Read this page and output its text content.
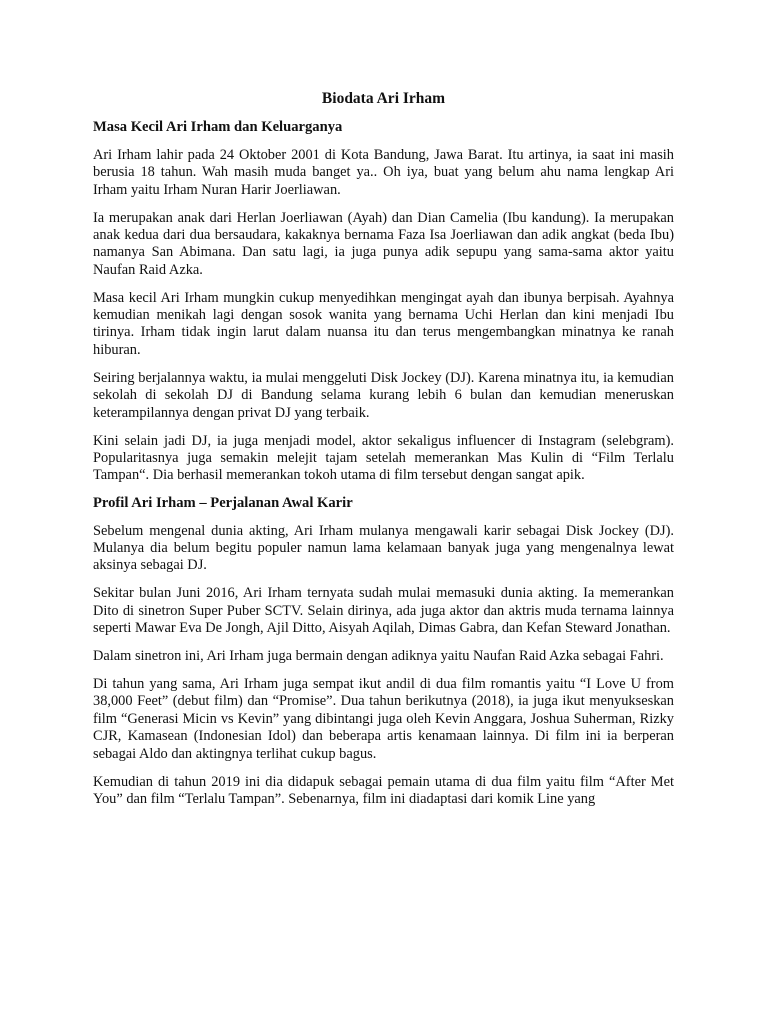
Biodata Ari Irham
Masa Kecil Ari Irham dan Keluarganya

Ari Irham lahir pada 24 Oktober 2001 di Kota Bandung, Jawa Barat. Itu artinya, ia saat ini masih berusia 18 tahun. Wah masih muda banget ya.. Oh iya, buat yang belum ahu nama lengkap Ari Irham yaitu Irham Nuran Harir Joerliawan.

Ia merupakan anak dari Herlan Joerliawan (Ayah) dan Dian Camelia (Ibu kandung). Ia merupakan anak kedua dari dua bersaudara, kakaknya bernama Faza Isa Joerliawan dan adik angkat (beda Ibu) namanya San Abimana. Dan satu lagi, ia juga punya adik sepupu yang sama-sama aktor yaitu Naufan Raid Azka.

Masa kecil Ari Irham mungkin cukup menyedihkan mengingat ayah dan ibunya berpisah. Ayahnya kemudian menikah lagi dengan sosok wanita yang bernama Uchi Herlan dan kini menjadi Ibu tirinya. Irham tidak ingin larut dalam nuansa itu dan terus mengembangkan minatnya ke ranah hiburan.

Seiring berjalannya waktu, ia mulai menggeluti Disk Jockey (DJ). Karena minatnya itu, ia kemudian sekolah di sekolah DJ di Bandung selama kurang lebih 6 bulan dan kemudian meneruskan keterampilannya dengan privat DJ yang terbaik.

Kini selain jadi DJ, ia juga menjadi model, aktor sekaligus influencer di Instagram (selebgram). Popularitasnya juga semakin melejit tajam setelah memerankan Mas Kulin di “Film Terlalu Tampan“. Dia berhasil memerankan tokoh utama di film tersebut dengan sangat apik.

Profil Ari Irham – Perjalanan Awal Karir

Sebelum mengenal dunia akting, Ari Irham mulanya mengawali karir sebagai Disk Jockey (DJ). Mulanya dia belum begitu populer namun lama kelamaan banyak juga yang mengenalnya lewat aksinya sebagai DJ.

Sekitar bulan Juni 2016, Ari Irham ternyata sudah mulai memasuki dunia akting. Ia memerankan Dito di sinetron Super Puber SCTV. Selain dirinya, ada juga aktor dan aktris muda ternama lainnya seperti Mawar Eva De Jongh, Ajil Ditto, Aisyah Aqilah, Dimas Gabra, dan Kefan Steward Jonathan.

Dalam sinetron ini, Ari Irham juga bermain dengan adiknya yaitu Naufan Raid Azka sebagai Fahri.

Di tahun yang sama, Ari Irham juga sempat ikut andil di dua film romantis yaitu “I Love U from 38,000 Feet” (debut film) dan “Promise”. Dua tahun berikutnya (2018), ia juga ikut menyukseskan film “Generasi Micin vs Kevin” yang dibintangi juga oleh Kevin Anggara, Joshua Suherman, Rizky CJR, Kamasean (Indonesian Idol) dan beberapa artis kenamaan lainnya. Di film ini ia berperan sebagai Aldo dan aktingnya terlihat cukup bagus.

Kemudian di tahun 2019 ini dia didapuk sebagai pemain utama di dua film yaitu film “After Met You” dan film “Terlalu Tampan”. Sebenarnya, film ini diadaptasi dari komik Line yang
